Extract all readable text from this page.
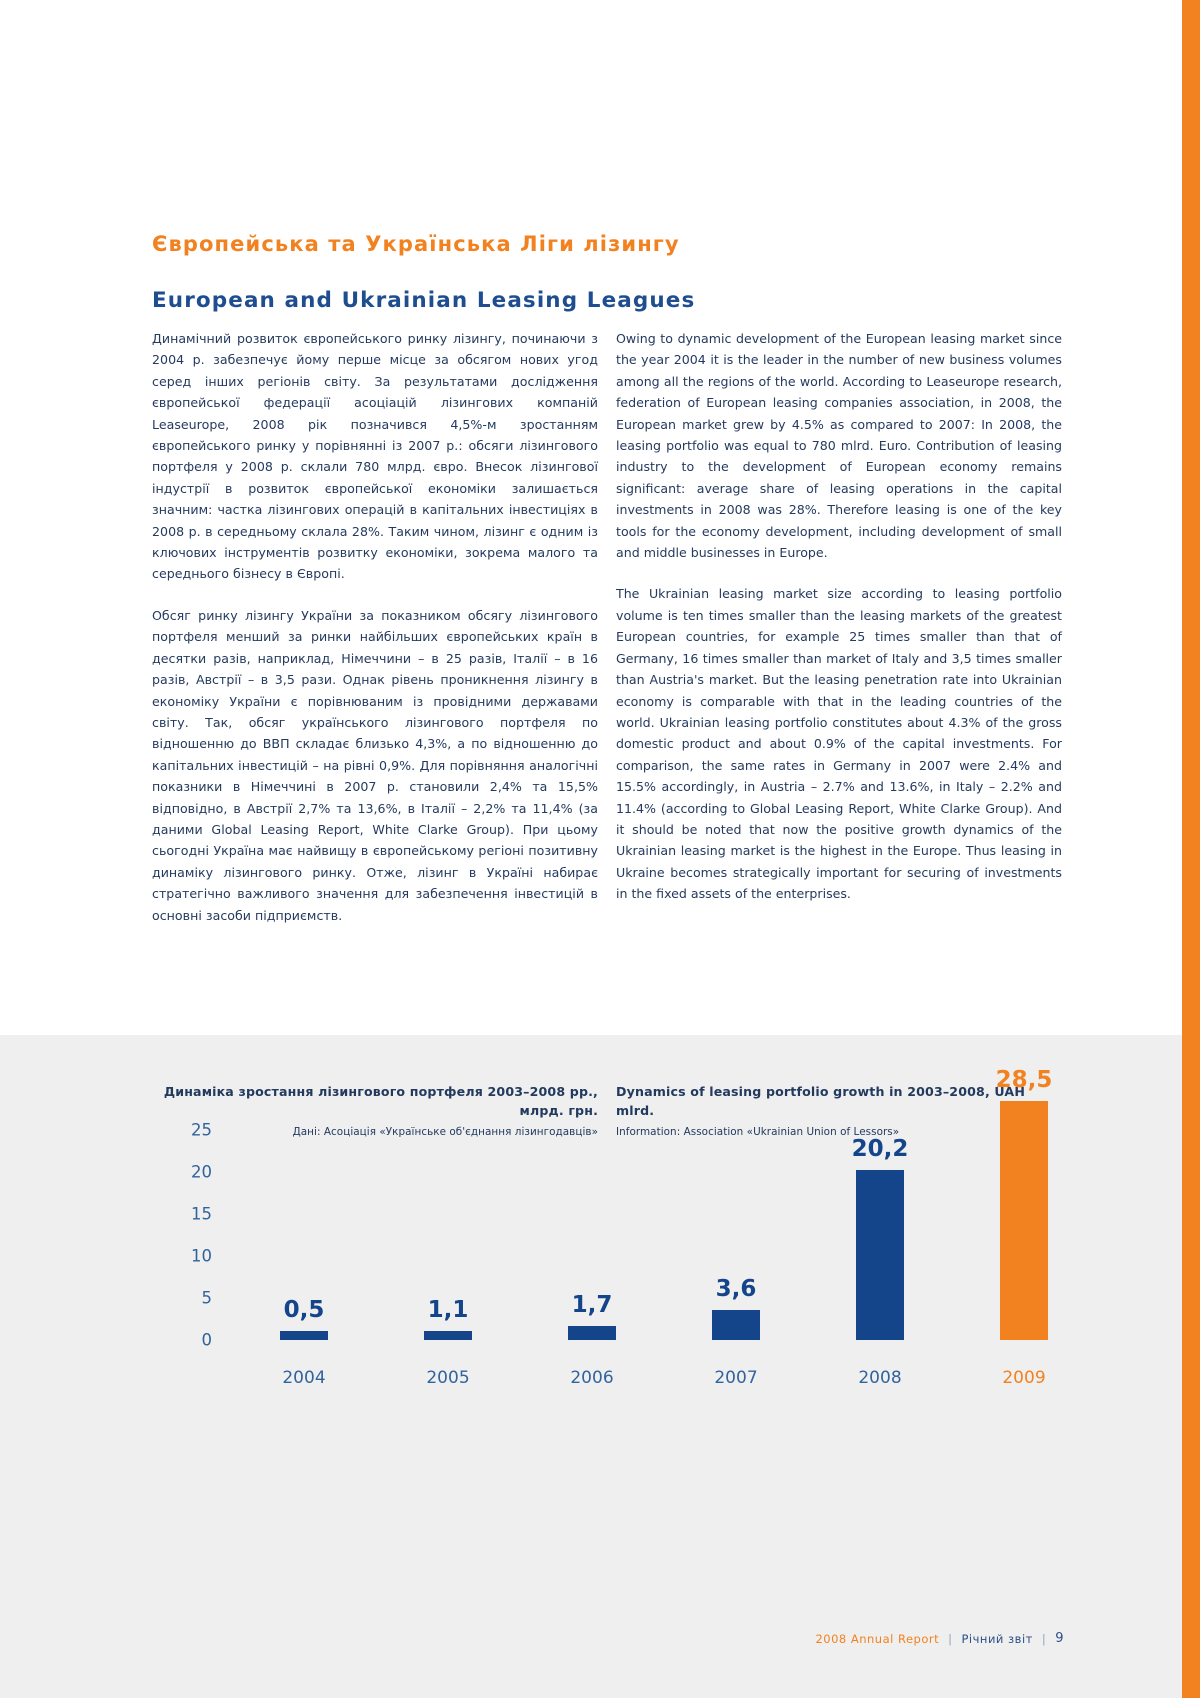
Європейська та Українська Ліги лізингу
European and Ukrainian Leasing Leagues

Динамічний розвиток європейського ринку лізингу, починаючи з 2004 р. забезпечує йому перше місце за обсягом нових угод серед інших регіонів світу. За результатами дослідження європейської федерації асоціацій лізингових компаній Leaseurope, 2008 рік позначився 4,5%-м зростанням європейського ринку у порівнянні із 2007 р.: обсяги лізингового портфеля у 2008 р. склали 780 млрд. євро. Внесок лізингової індустрії в розвиток європейської економіки залишається значним: частка лізингових операцій в капітальних інвестиціях в 2008 р. в середньому склала 28%. Таким чином, лізинг є одним із ключових інструментів розвитку економіки, зокрема малого та середнього бізнесу в Європі.

Обсяг ринку лізингу України за показником обсягу лізингового портфеля менший за ринки найбільших європейських країн в десятки разів, наприклад, Німеччини – в 25 разів, Італії – в 16 разів, Австрії – в 3,5 рази. Однак рівень проникнення лізингу в економіку України є порівнюваним із провідними державами світу. Так, обсяг українського лізингового портфеля по відношенню до ВВП складає близько 4,3%, а по відношенню до капітальних інвестицій – на рівні 0,9%. Для порівняння аналогічні показники в Німеччині в 2007 р. становили 2,4% та 15,5% відповідно, в Австрії 2,7% та 13,6%, в Італії – 2,2% та 11,4% (за даними Global Leasing Report, White Clarke Group). При цьому сьогодні Україна має найвищу в європейському регіоні позитивну динаміку лізингового ринку. Отже, лізинг в Україні набирає стратегічно важливого значення для забезпечення інвестицій в основні засоби підприємств.

Owing to dynamic development of the European leasing market since the year 2004 it is the leader in the number of new business volumes among all the regions of the world. According to Leaseurope research, federation of European leasing companies association, in 2008, the European market grew by 4.5% as compared to 2007: In 2008, the leasing portfolio was equal to 780 mlrd. Euro. Contribution of leasing industry to the development of European economy remains significant: average share of leasing operations in the capital investments in 2008 was 28%. Therefore leasing is one of the key tools for the economy development, including development of small and middle businesses in Europe.

The Ukrainian leasing market size according to leasing portfolio volume is ten times smaller than the leasing markets of the greatest European countries, for example 25 times smaller than that of Germany, 16 times smaller than market of Italy and 3,5 times smaller than Austria's market. But the leasing penetration rate into Ukrainian economy is comparable with that in the leading countries of the world. Ukrainian leasing portfolio constitutes about 4.3% of the gross domestic product and about 0.9% of the capital investments. For comparison, the same rates in Germany in 2007 were 2.4% and 15.5% accordingly, in Austria – 2.7% and 13.6%, in Italy – 2.2% and 11.4% (according to Global Leasing Report, White Clarke Group). And it should be noted that now the positive growth dynamics of the Ukrainian leasing market is the highest in the Europe. Thus leasing in Ukraine becomes strategically important for securing of investments in the fixed assets of the enterprises.

Динаміка зростання лізингового портфеля 2003–2008 рр., млрд. грн.
Дані: Асоціація «Українське об'єднання лізингодавців»
Dynamics of leasing portfolio growth in 2003–2008, UAH mlrd.
Information: Association «Ukrainian Union of Lessors»
0
5
10
15
20
25
0,5
2004
1,1
2005
1,7
2006
3,6
2007
20,2
2008
28,5
2009
2008 Annual Report | Річний звіт | 9
